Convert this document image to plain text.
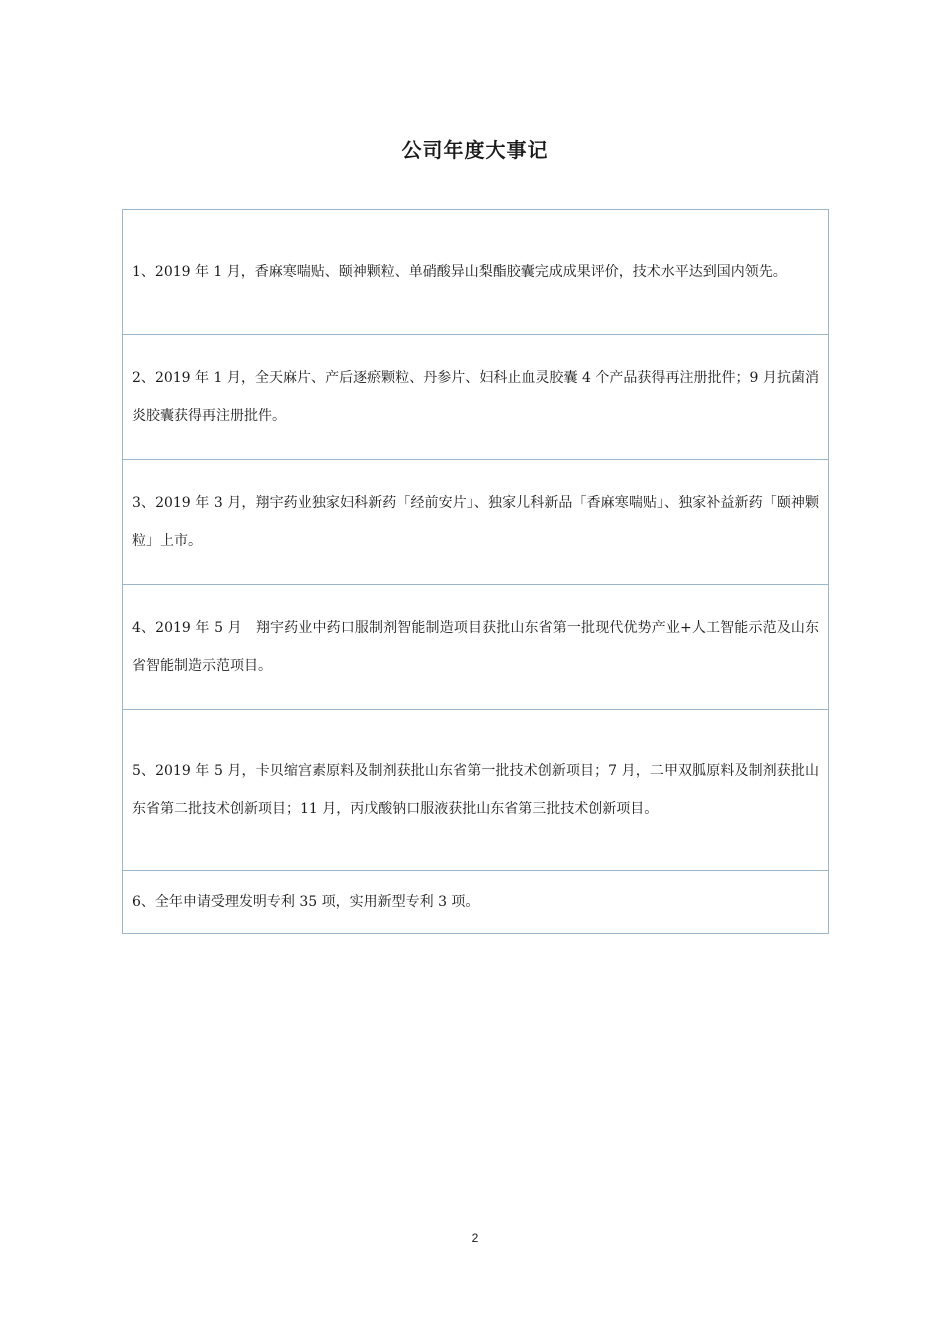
公司年度大事记
1、2019 年 1 月，香麻寒喘贴、颐神颗粒、单硝酸异山梨酯胶囊完成成果评价，技术水平达到国内领先。
2、2019 年 1 月，全天麻片、产后逐瘀颗粒、丹参片、妇科止血灵胶囊 4 个产品获得再注册批件；9 月抗菌消炎胶囊获得再注册批件。
3、2019 年 3 月，翔宇药业独家妇科新药「经前安片」、独家儿科新品「香麻寒喘贴」、独家补益新药「颐神颗粒」上市。
4、2019 年 5 月　翔宇药业中药口服制剂智能制造项目获批山东省第一批现代优势产业+人工智能示范及山东省智能制造示范项目。
5、2019 年 5 月，卡贝缩宫素原料及制剂获批山东省第一批技术创新项目；7 月，二甲双胍原料及制剂获批山东省第二批技术创新项目；11 月，丙戊酸钠口服液获批山东省第三批技术创新项目。
6、全年申请受理发明专利 35 项，实用新型专利 3 项。
2
